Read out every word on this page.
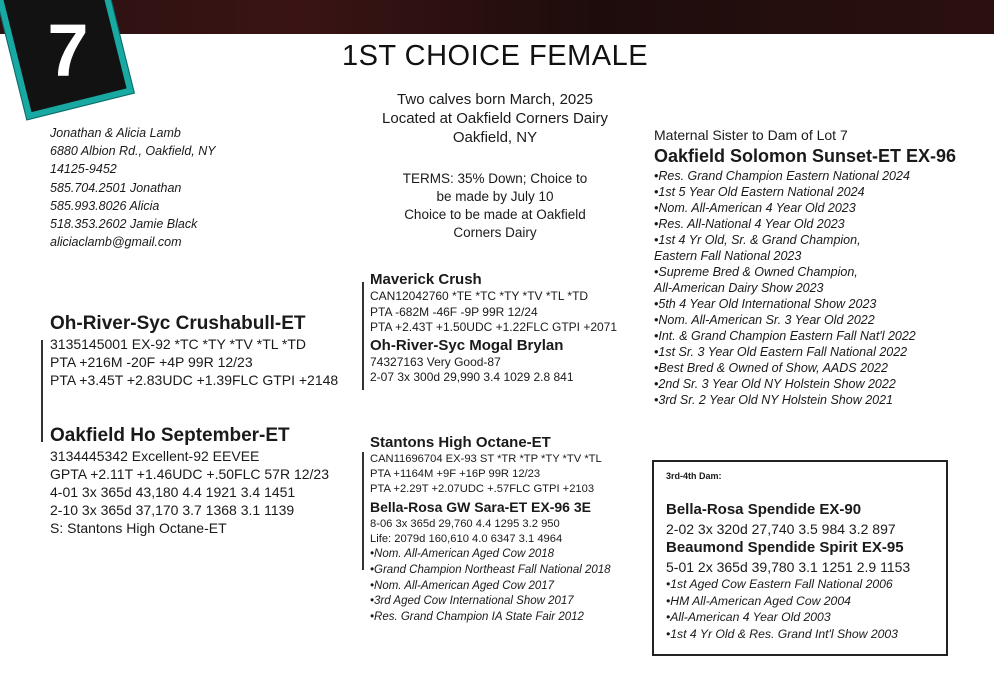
7	1ST CHOICE FEMALE
Two calves born March, 2025
Located at Oakfield Corners Dairy
Oakfield, NY
TERMS: 35% Down; Choice to
be made by July 10
Choice to be made at Oakfield
Corners Dairy
Jonathan & Alicia Lamb
6880 Albion Rd., Oakfield, NY
14125-9452
585.704.2501 Jonathan
585.993.8026 Alicia
518.353.2602 Jamie Black
aliciaclamb@gmail.com
Oh-River-Syc Crushabull-ET
3135145001 EX-92 *TC *TY *TV *TL *TD
PTA +216M -20F +4P 99R 12/23
PTA +3.45T +2.83UDC +1.39FLC GTPI +2148
Oakfield Ho September-ET
3134445342 Excellent-92 EEVEE
GPTA +2.11T +1.46UDC +.50FLC 57R 12/23
4-01 3x 365d 43,180 4.4 1921 3.4 1451
2-10 3x 365d 37,170 3.7 1368 3.1 1139
S: Stantons High Octane-ET
Maverick Crush
CAN12042760 *TE *TC *TY *TV *TL *TD
PTA -682M -46F -9P 99R 12/24
PTA +2.43T +1.50UDC +1.22FLC GTPI +2071
Oh-River-Syc Mogal Brylan
74327163 Very Good-87
2-07 3x 300d 29,990 3.4 1029 2.8 841
Stantons High Octane-ET
CAN11696704 EX-93 ST *TR *TP *TY *TV *TL
PTA +1164M +9F +16P 99R 12/23
PTA +2.29T +2.07UDC +.57FLC GTPI +2103
Bella-Rosa GW Sara-ET EX-96 3E
8-06 3x 365d 29,760 4.4 1295 3.2 950
Life: 2079d 160,610 4.0 6347 3.1 4964
•Nom. All-American Aged Cow 2018
•Grand Champion Northeast Fall National 2018
•Nom. All-American Aged Cow 2017
•3rd Aged Cow International Show 2017
•Res. Grand Champion IA State Fair 2012
Maternal Sister to Dam of Lot 7
Oakfield Solomon Sunset-ET EX-96
•Res. Grand Champion Eastern National 2024
•1st 5 Year Old Eastern National 2024
•Nom. All-American 4 Year Old 2023
•Res. All-National 4 Year Old 2023
•1st 4 Yr Old, Sr. & Grand Champion,
Eastern Fall National 2023
•Supreme Bred & Owned Champion,
All-American Dairy Show 2023
•5th 4 Year Old International Show 2023
•Nom. All-American Sr. 3 Year Old 2022
•Int. & Grand Champion Eastern Fall Nat'l 2022
•1st Sr. 3 Year Old Eastern Fall National 2022
•Best Bred & Owned of Show, AADS 2022
•2nd Sr. 3 Year Old NY Holstein Show 2022
•3rd Sr. 2 Year Old NY Holstein Show 2021
3rd-4th Dam:
Bella-Rosa Spendide EX-90
2-02 3x 320d 27,740 3.5 984 3.2 897
Beaumond Spendide Spirit EX-95
5-01 2x 365d 39,780 3.1 1251 2.9 1153
•1st Aged Cow Eastern Fall National 2006
•HM All-American Aged Cow 2004
•All-American 4 Year Old 2003
•1st 4 Yr Old & Res. Grand Int'l Show 2003
